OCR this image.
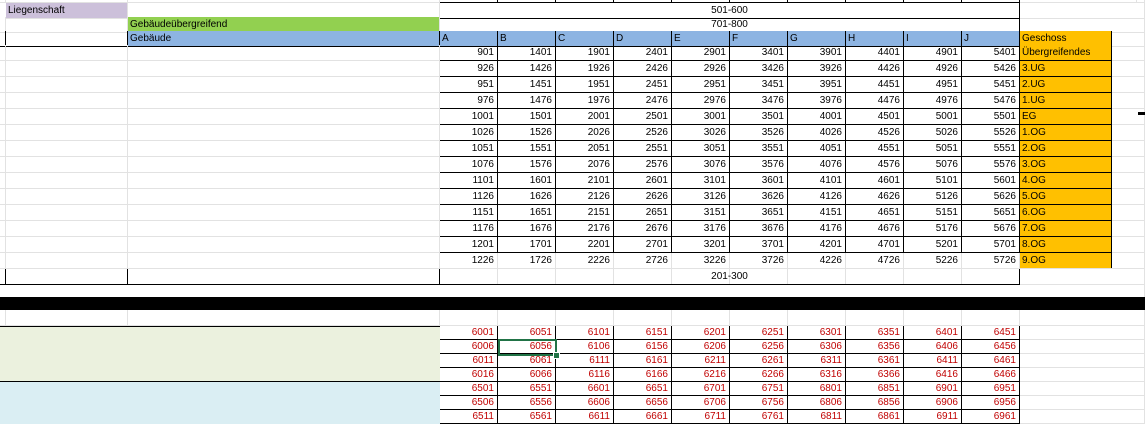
Liegenschaft	501-600
Gebäudeübergreifend	701-800
Gebäude	A	B	C	D	E	F	G	H	I	J	Geschoss
901	1401	1901	2401	2901	3401	3901	4401	4901	5401 Übergreifendes
926	1426	1926	2426	2926	3426	3926	4426	4926	5426 3.UG
951	1451	1951	2451	2951	3451	3951	4451	4951	5451 2.UG
976	1476	1976	2476	2976	3476	3976	4476	4976	5476 1.UG
1001	1501	2001	2501	3001	3501	4001	4501	5001	5501 EG
1026	1526	2026	2526	3026	3526	4026	4526	5026	5526 1.OG
1051	1551	2051	2551	3051	3551	4051	4551	5051	5551 2.OG
1076	1576	2076	2576	3076	3576	4076	4576	5076	5576 3.OG
1101	1601	2101	2601	3101	3601	4101	4601	5101	5601 4.OG
1126	1626	2126	2626	3126	3626	4126	4626	5126	5626 5.OG
1151	1651	2151	2651	3151	3651	4151	4651	5151	5651 6.OG
1176	1676	2176	2676	3176	3676	4176	4676	5176	5676 7.OG
1201	1701	2201	2701	3201	3701	4201	4701	5201	5701 8.OG
1226	1726	2226	2726	3226	3726	4226	4726	5226	5726 9.OG
201-300
6001	6051	6101	6151	6201	6251	6301	6351	6401	6451
6006	6056	6106	6156	6206	6256	6306	6356	6406	6456
6011	6061	6111	6161	6211	6261	6311	6361	6411	6461
6016	6066	6116	6166	6216	6266	6316	6366	6416	6466
6501	6551	6601	6651	6701	6751	6801	6851	6901	6951
6506	6556	6606	6656	6706	6756	6806	6856	6906	6956
6511	6561	6611	6661	6711	6761	6811	6861	6911	6961
